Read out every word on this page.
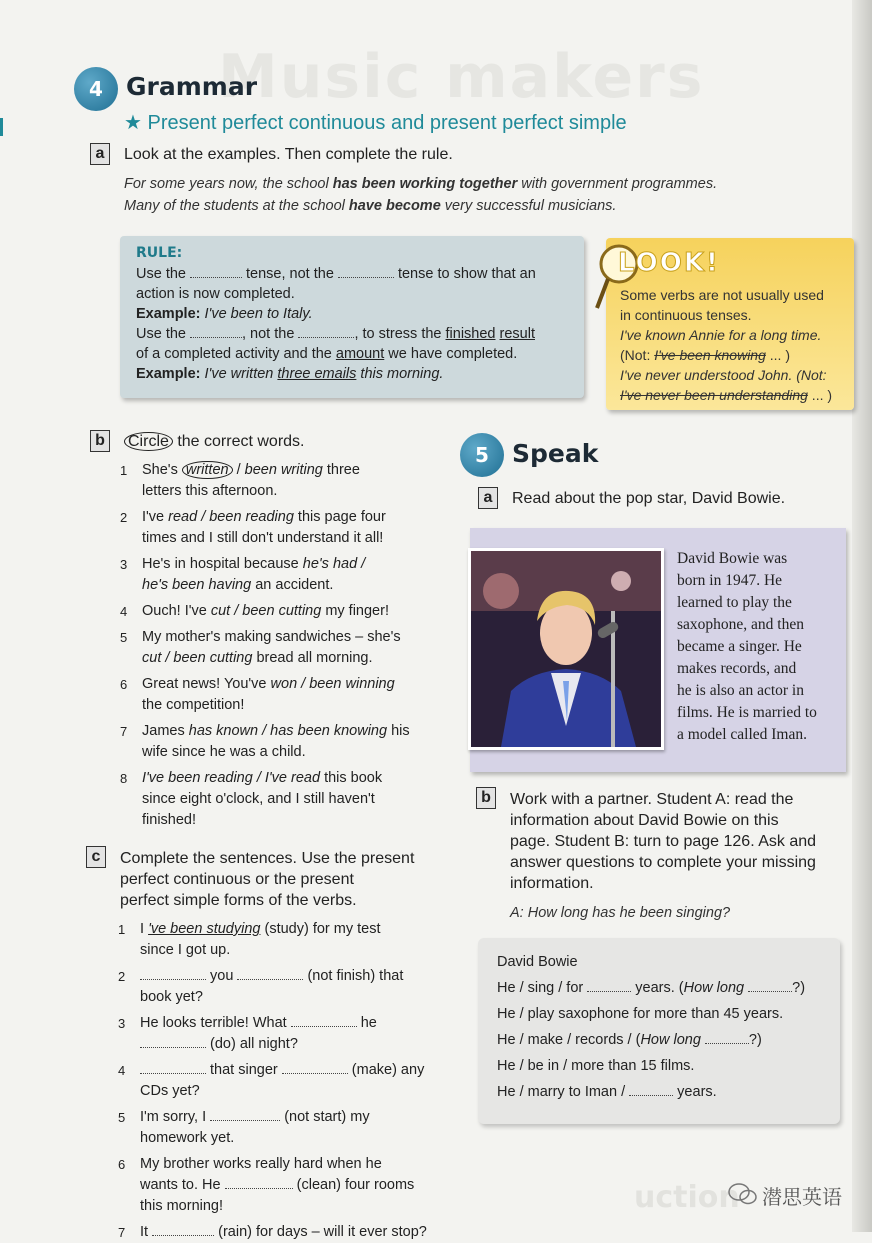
Music makers
4 Grammar
★ Present perfect continuous and present perfect simple
a	Look at the examples. Then complete the rule.
For some years now, the school has been working together with government programmes.
Many of the students at the school have become very successful musicians.
RULE:
Use the	tense, not the	tense to show that an
action is now completed.
Example: I've been to Italy.
Use the	, not the	, to stress the finished result
of a completed activity and the amount we have completed.
Example: I've written three emails this morning.
LOOK!
Some verbs are not usually used
in continuous tenses.
I've known Annie for a long time.
(Not: I've been knowing ... )
I've never understood John. (Not:
I've never been understanding ... )
b	Circle the correct words.
1 She's written / been writing three
letters this afternoon.
2 I've read / been reading this page four
times and I still don't understand it all!
3 He's in hospital because he's had /
he's been having an accident.
4 Ouch! I've cut / been cutting my finger!
5 My mother's making sandwiches – she's
cut / been cutting bread all morning.
6 Great news! You've won / been winning
the competition!
7 James has known / has been knowing his
wife since he was a child.
8 I've been reading / I've read this book
since eight o'clock, and I still haven't
finished!
c	Complete the sentences. Use the present
perfect continuous or the present
perfect simple forms of the verbs.
1 I 've been studying (study) for my test
since I got up.
2	you	(not finish) that
book yet?
3 He looks terrible! What	he
(do) all night?
4	that singer	(make) any
CDs yet?
5 I'm sorry, I	(not start) my
homework yet.
6 My brother works really hard when he
wants to. He	(clean) four rooms
this morning!
7 It	(rain) for days – will it ever stop?
5 Speak
a	Read about the pop star, David Bowie.
David Bowie was
born in 1947. He
learned to play the
saxophone, and then
became a singer. He
makes records, and
he is also an actor in
films. He is married to
a model called Iman.
b	Work with a partner. Student A: read the
information about David Bowie on this
page. Student B: turn to page 126. Ask and
answer questions to complete your missing
information.
A: How long has he been singing?
David Bowie
He / sing / for	years. (How long	?)
He / play saxophone for more than 45 years.
He / make / records / (How long	?)
He / be in / more than 15 films.
He / marry to Iman /	years.
uction 潜思英语
